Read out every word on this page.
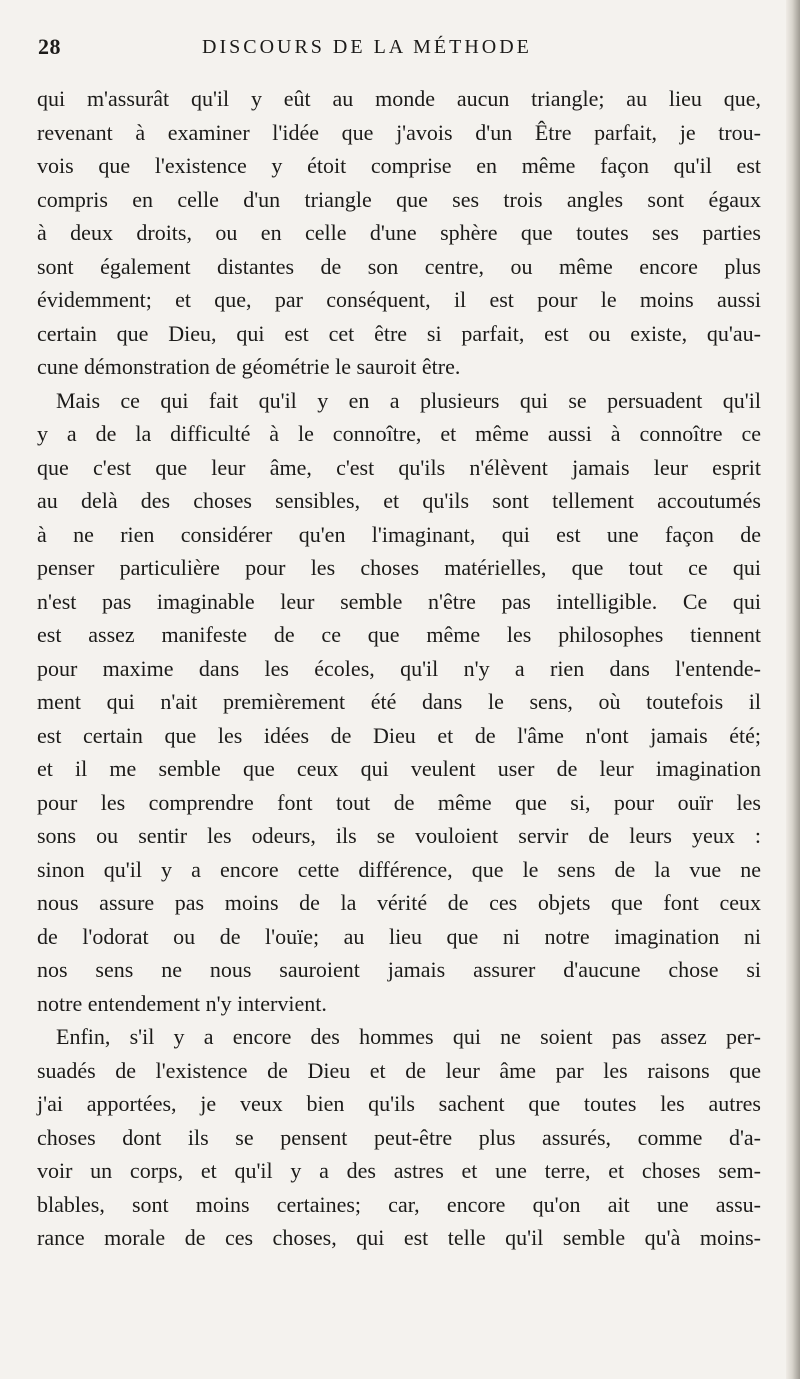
28	DISCOURS DE LA MÉTHODE
qui m'assurât qu'il y eût au monde aucun triangle; au lieu que,
revenant à examiner l'idée que j'avois d'un Être parfait, je trou-
vois que l'existence y étoit comprise en même façon qu'il est
compris en celle d'un triangle que ses trois angles sont égaux
à deux droits, ou en celle d'une sphère que toutes ses parties
sont également distantes de son centre, ou même encore plus
évidemment; et que, par conséquent, il est pour le moins aussi
certain que Dieu, qui est cet être si parfait, est ou existe, qu'au-
cune démonstration de géométrie le sauroit être.
Mais ce qui fait qu'il y en a plusieurs qui se persuadent qu'il
y a de la difficulté à le connoître, et même aussi à connoître ce
que c'est que leur âme, c'est qu'ils n'élèvent jamais leur esprit
au delà des choses sensibles, et qu'ils sont tellement accoutumés
à ne rien considérer qu'en l'imaginant, qui est une façon de
penser particulière pour les choses matérielles, que tout ce qui
n'est pas imaginable leur semble n'être pas intelligible. Ce qui
est assez manifeste de ce que même les philosophes tiennent
pour maxime dans les écoles, qu'il n'y a rien dans l'entende-
ment qui n'ait premièrement été dans le sens, où toutefois il
est certain que les idées de Dieu et de l'âme n'ont jamais été;
et il me semble que ceux qui veulent user de leur imagination
pour les comprendre font tout de même que si, pour ouïr les
sons ou sentir les odeurs, ils se vouloient servir de leurs yeux :
sinon qu'il y a encore cette différence, que le sens de la vue ne
nous assure pas moins de la vérité de ces objets que font ceux
de l'odorat ou de l'ouïe; au lieu que ni notre imagination ni
nos sens ne nous sauroient jamais assurer d'aucune chose si
notre entendement n'y intervient.
Enfin, s'il y a encore des hommes qui ne soient pas assez per-
suadés de l'existence de Dieu et de leur âme par les raisons que
j'ai apportées, je veux bien qu'ils sachent que toutes les autres
choses dont ils se pensent peut-être plus assurés, comme d'a-
voir un corps, et qu'il y a des astres et une terre, et choses sem-
blables, sont moins certaines; car, encore qu'on ait une assu-
rance morale de ces choses, qui est telle qu'il semble qu'à moins-
